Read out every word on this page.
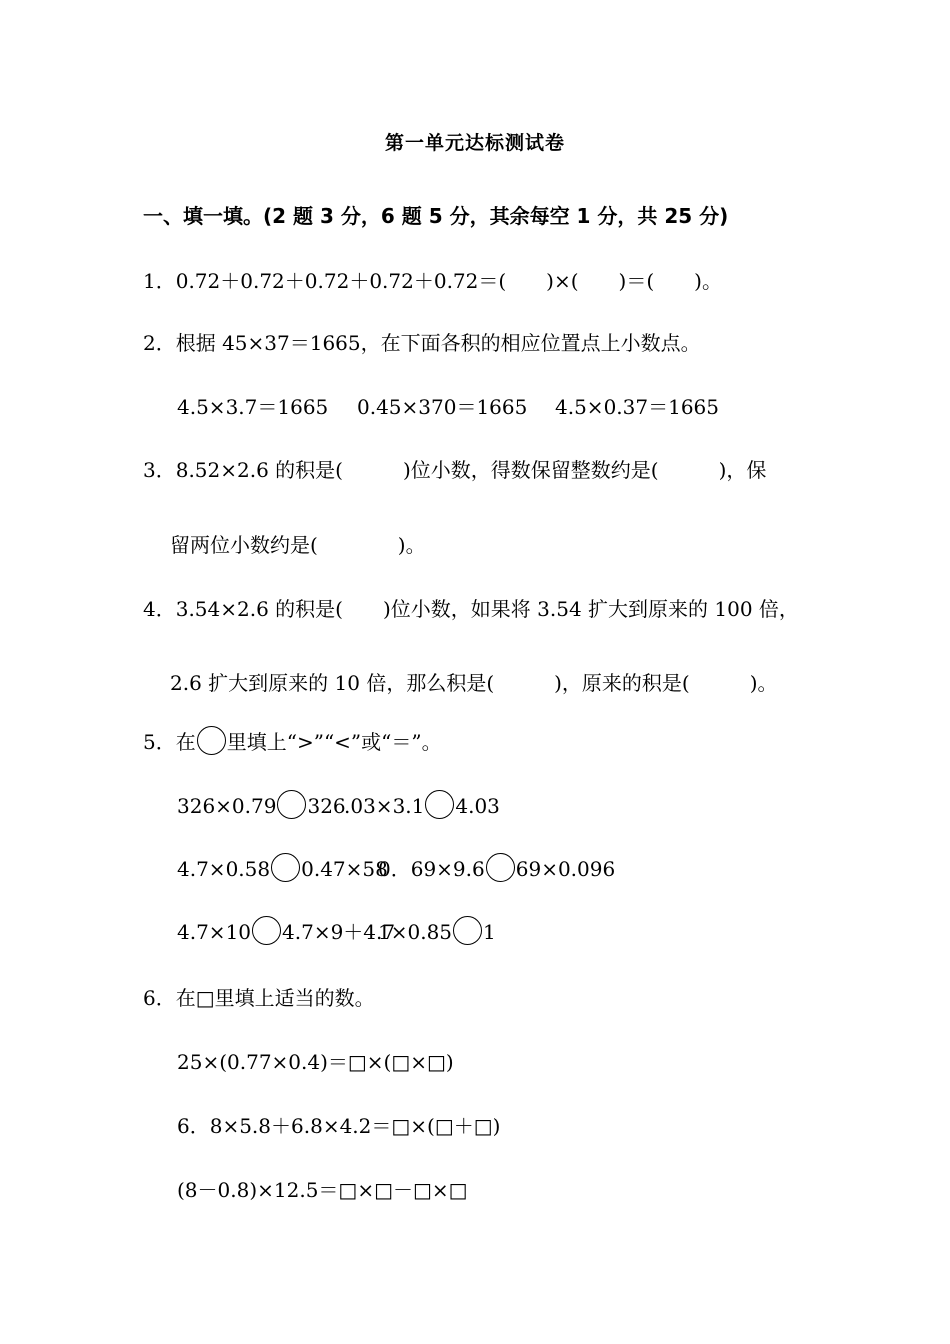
第一单元达标测试卷
一、填一填。(2 题 3 分，6 题 5 分，其余每空 1 分，共 25 分)
1．0.72＋0.72＋0.72＋0.72＋0.72＝(　　)×(　　)＝(　　)。
2．根据 45×37＝1665，在下面各积的相应位置点上小数点。
4.5×3.7＝1665 0.45×370＝1665 4.5×0.37＝1665
3．8.52×2.6 的积是(　　　)位小数，得数保留整数约是(　　　)，保
留两位小数约是(　　　　)。
4．3.54×2.6 的积是(　　)位小数，如果将 3.54 扩大到原来的 100 倍，
2.6 扩大到原来的 10 倍，那么积是(　　　)，原来的积是(　　　)。
5．在 里填上“>”“<”或“＝”。
326×0.79 326
.03×3.1 4.03
4.7×0.58 0.47×58
0．69×9.6 69×0.096
4.7×10 4.7×9＋4.7
1×0.85 1
6．在□里填上适当的数。
25×(0.77×0.4)＝□×(□×□)
6．8×5.8＋6.8×4.2＝□×(□＋□)
(8－0.8)×12.5＝□×□－□×□
